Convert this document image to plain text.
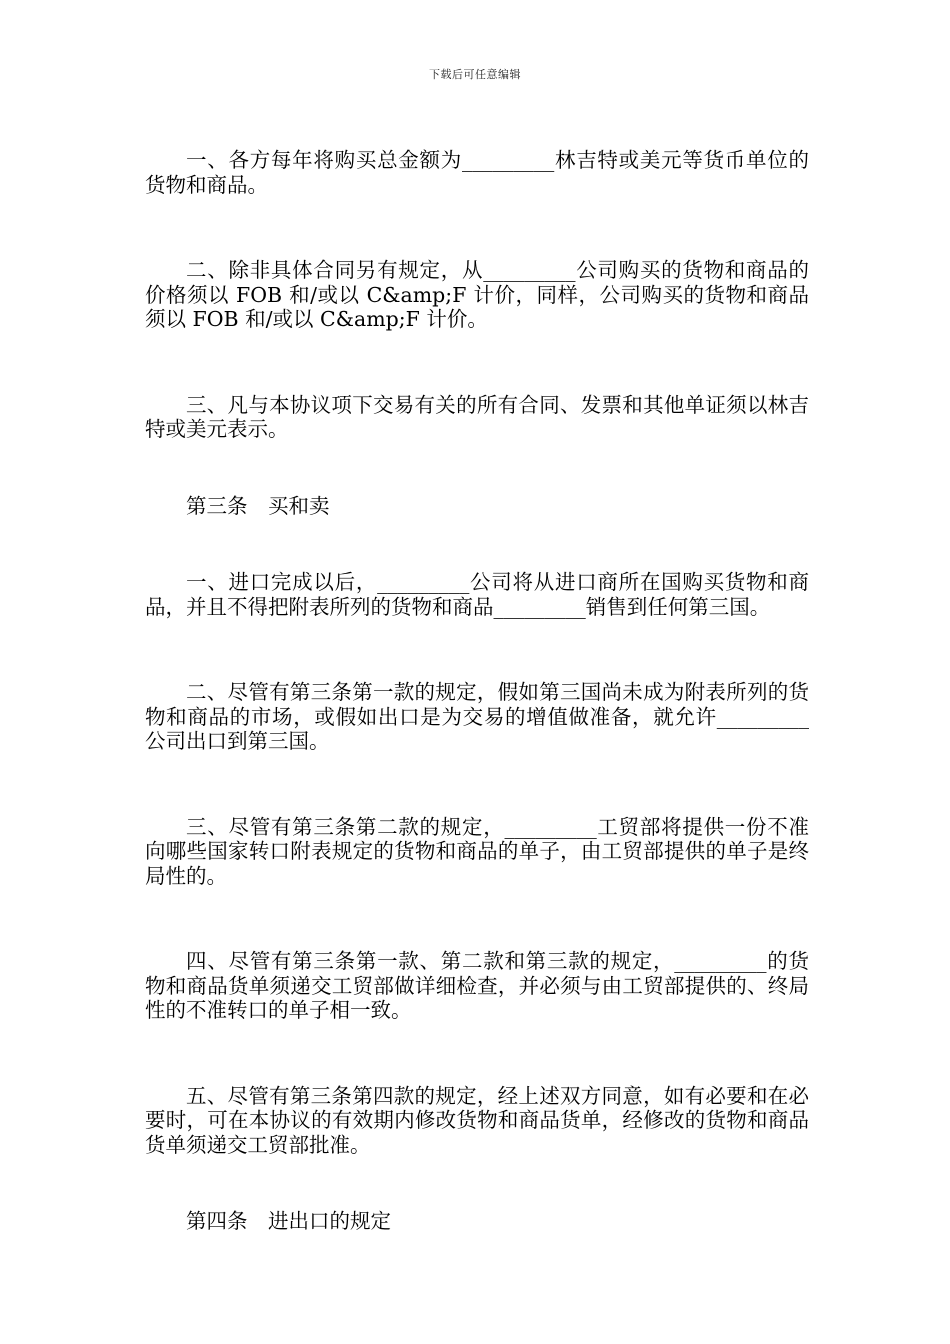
下载后可任意编辑

一、各方每年将购买总金额为_________林吉特或美元等货币单位的货物和商品。

二、除非具体合同另有规定，从_________公司购买的货物和商品的价格须以 FOB 和/或以 C&amp;F 计价，同样，公司购买的货物和商品须以 FOB 和/或以 C&amp;F 计价。

三、凡与本协议项下交易有关的所有合同、发票和其他单证须以林吉特或美元表示。

第三条　买和卖

一、进口完成以后，_________公司将从进口商所在国购买货物和商品，并且不得把附表所列的货物和商品_________销售到任何第三国。

二、尽管有第三条第一款的规定，假如第三国尚未成为附表所列的货物和商品的市场，或假如出口是为交易的增值做准备，就允许_________公司出口到第三国。

三、尽管有第三条第二款的规定，_________工贸部将提供一份不准向哪些国家转口附表规定的货物和商品的单子，由工贸部提供的单子是终局性的。

四、尽管有第三条第一款、第二款和第三款的规定，_________的货物和商品货单须递交工贸部做详细检查，并必须与由工贸部提供的、终局性的不准转口的单子相一致。

五、尽管有第三条第四款的规定，经上述双方同意，如有必要和在必要时，可在本协议的有效期内修改货物和商品货单，经修改的货物和商品货单须递交工贸部批准。

第四条　进出口的规定
